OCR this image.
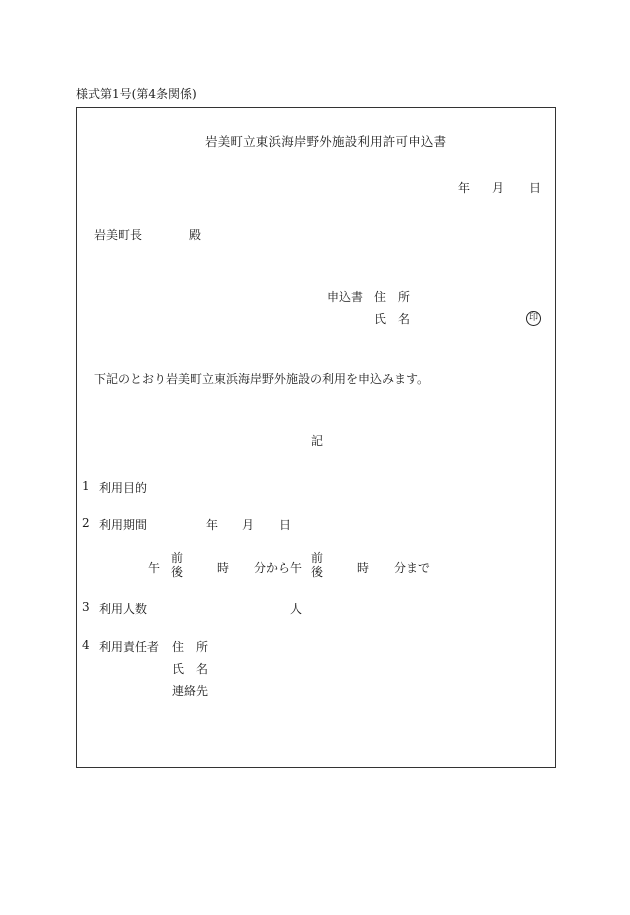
様式第1号(第4条関係)
岩美町立東浜海岸野外施設利用許可申込書
年 月 日
岩美町長	殿
申込書 住　所
氏　名	印
下記のとおり岩美町立東浜海岸野外施設の利用を申込みます。
記
1 利用目的
2 利用期間	年 月 日
午
前
後	時 分から午
前
後	時 分まで
3 利用人数	人
4 利用責任者 住　所
氏　名
連絡先
